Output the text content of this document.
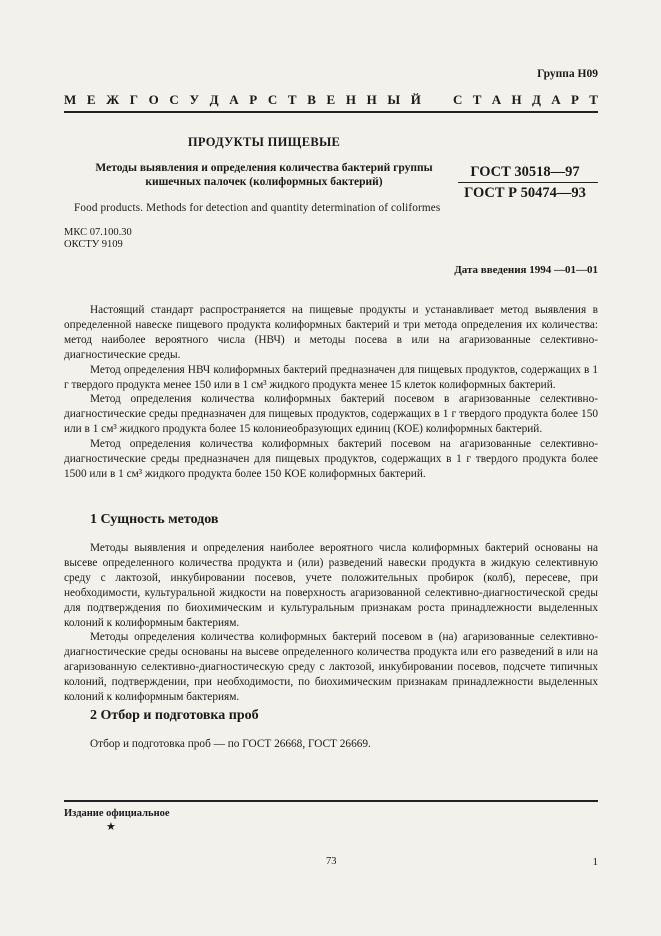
Группа Н09
М Е Ж Г О С У Д А Р С Т В Е Н Н Ы Й С Т А Н Д А Р Т
ПРОДУКТЫ ПИЩЕВЫЕ
Методы выявления и определения количества бактерий группы
кишечных палочек (колиформных бактерий)
ГОСТ 30518—97
ГОСТ Р 50474—93
Food products. Methods for detection and quantity determination of coliformes
МКС 07.100.30
ОКСТУ 9109
Дата введения 1994 —01—01

Настоящий стандарт распространяется на пищевые продукты и устанавливает метод выявления в определенной навеске пищевого продукта колиформных бактерий и три метода определения их количества: метод наиболее вероятного числа (НВЧ) и методы посева в или на агаризованные селективно-диагностические среды.

Метод определения НВЧ колиформных бактерий предназначен для пищевых продуктов, содержащих в 1 г твердого продукта менее 150 или в 1 см³ жидкого продукта менее 15 клеток колиформных бактерий.

Метод определения количества колиформных бактерий посевом в агаризованные селективно-диагностические среды предназначен для пищевых продуктов, содержащих в 1 г твердого продукта более 150 или в 1 см³ жидкого продукта более 15 колониеобразующих единиц (КОЕ) колиформных бактерий.

Метод определения количества колиформных бактерий посевом на агаризованные селективно-диагностические среды предназначен для пищевых продуктов, содержащих в 1 г твердого продукта более 1500 или в 1 см³ жидкого продукта более 150 КОЕ колиформных бактерий.

1 Сущность методов

Методы выявления и определения наиболее вероятного числа колиформных бактерий основаны на высеве определенного количества продукта и (или) разведений навески продукта в жидкую селективную среду с лактозой, инкубировании посевов, учете положительных пробирок (колб), пересеве, при необходимости, культуральной жидкости на поверхность агаризованной селективно-диагностической среды для подтверждения по биохимическим и культуральным признакам роста принадлежности выделенных колоний к колиформным бактериям.

Методы определения количества колиформных бактерий посевом в (на) агаризованные селективно-диагностические среды основаны на высеве определенного количества продукта или его разведений в или на агаризованную селективно-диагностическую среду с лактозой, инкубировании посевов, подсчете типичных колоний, подтверждении, при необходимости, по биохимическим признакам принадлежности выделенных колоний к колиформным бактериям.

2 Отбор и подготовка проб

Отбор и подготовка проб — по ГОСТ 26668, ГОСТ 26669.

Издание официальное
★
73	1
